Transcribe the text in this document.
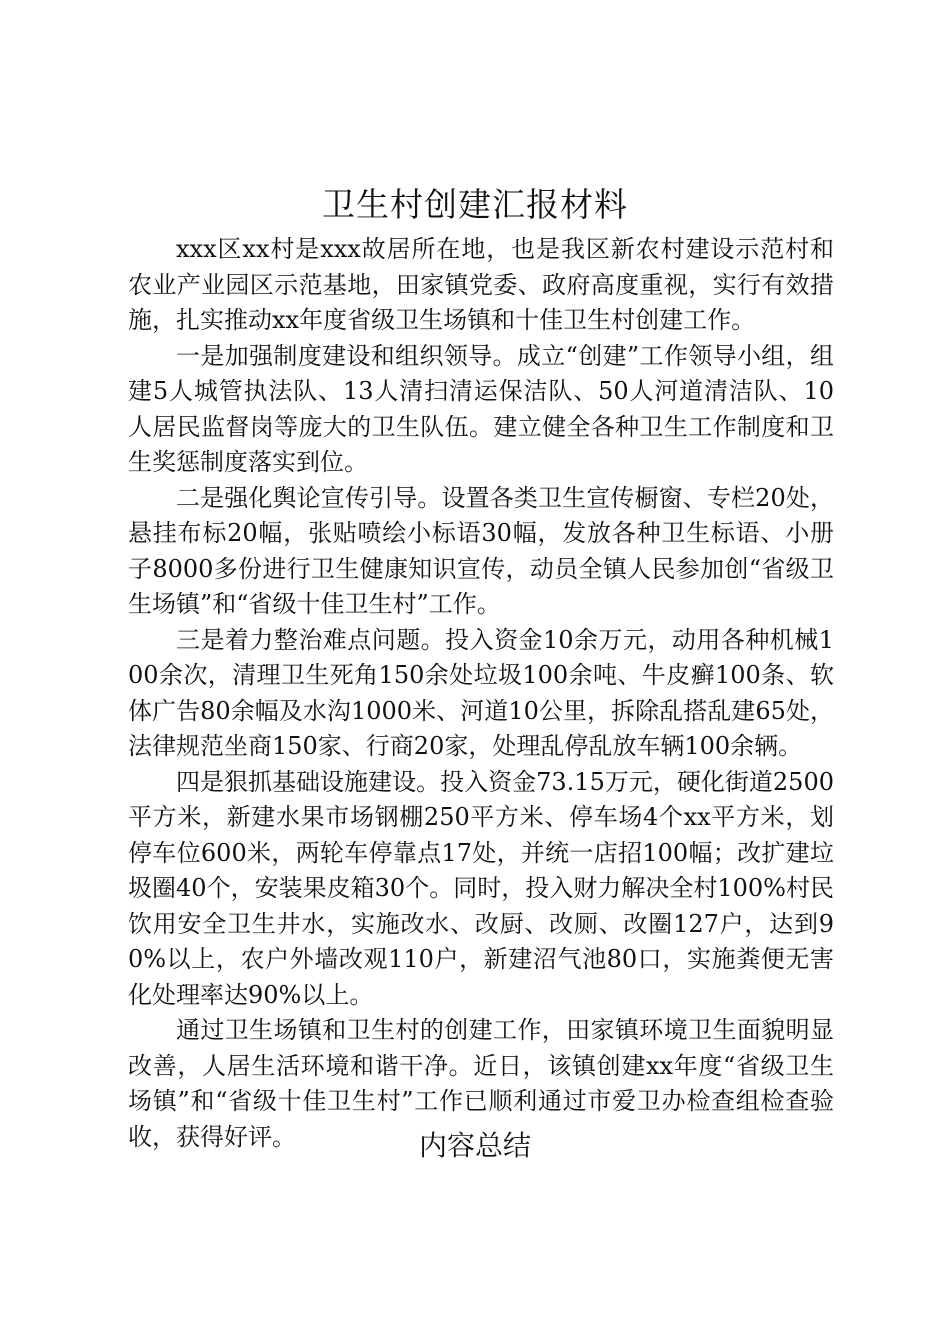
卫生村创建汇报材料

xxx区xx村是xxx故居所在地，也是我区新农村建设示范村和农业产业园区示范基地，田家镇党委、政府高度重视，实行有效措施，扎实推动xx年度省级卫生场镇和十佳卫生村创建工作。

一是加强制度建设和组织领导。成立“创建”工作领导小组，组建5人城管执法队、13人清扫清运保洁队、50人河道清洁队、10人居民监督岗等庞大的卫生队伍。建立健全各种卫生工作制度和卫生奖惩制度落实到位。

二是强化舆论宣传引导。设置各类卫生宣传橱窗、专栏20处，悬挂布标20幅，张贴喷绘小标语30幅，发放各种卫生标语、小册子8000多份进行卫生健康知识宣传，动员全镇人民参加创“省级卫生场镇”和“省级十佳卫生村”工作。

三是着力整治难点问题。投入资金10余万元，动用各种机械100余次，清理卫生死角150余处垃圾100余吨、牛皮癣100条、软体广告80余幅及水沟1000米、河道10公里，拆除乱搭乱建65处，法律规范坐商150家、行商20家，处理乱停乱放车辆100余辆。

四是狠抓基础设施建设。投入资金73.15万元，硬化街道2500平方米，新建水果市场钢棚250平方米、停车场4个xx平方米，划停车位600米，两轮车停靠点17处，并统一店招100幅；改扩建垃圾圈40个，安装果皮箱30个。同时，投入财力解决全村100%村民饮用安全卫生井水，实施改水、改厨、改厕、改圈127户，达到90%以上，农户外墙改观110户，新建沼气池80口，实施粪便无害化处理率达90%以上。

通过卫生场镇和卫生村的创建工作，田家镇环境卫生面貌明显改善，人居生活环境和谐干净。近日，该镇创建xx年度“省级卫生场镇”和“省级十佳卫生村”工作已顺利通过市爱卫办检查组检查验收，获得好评。	内容总结
